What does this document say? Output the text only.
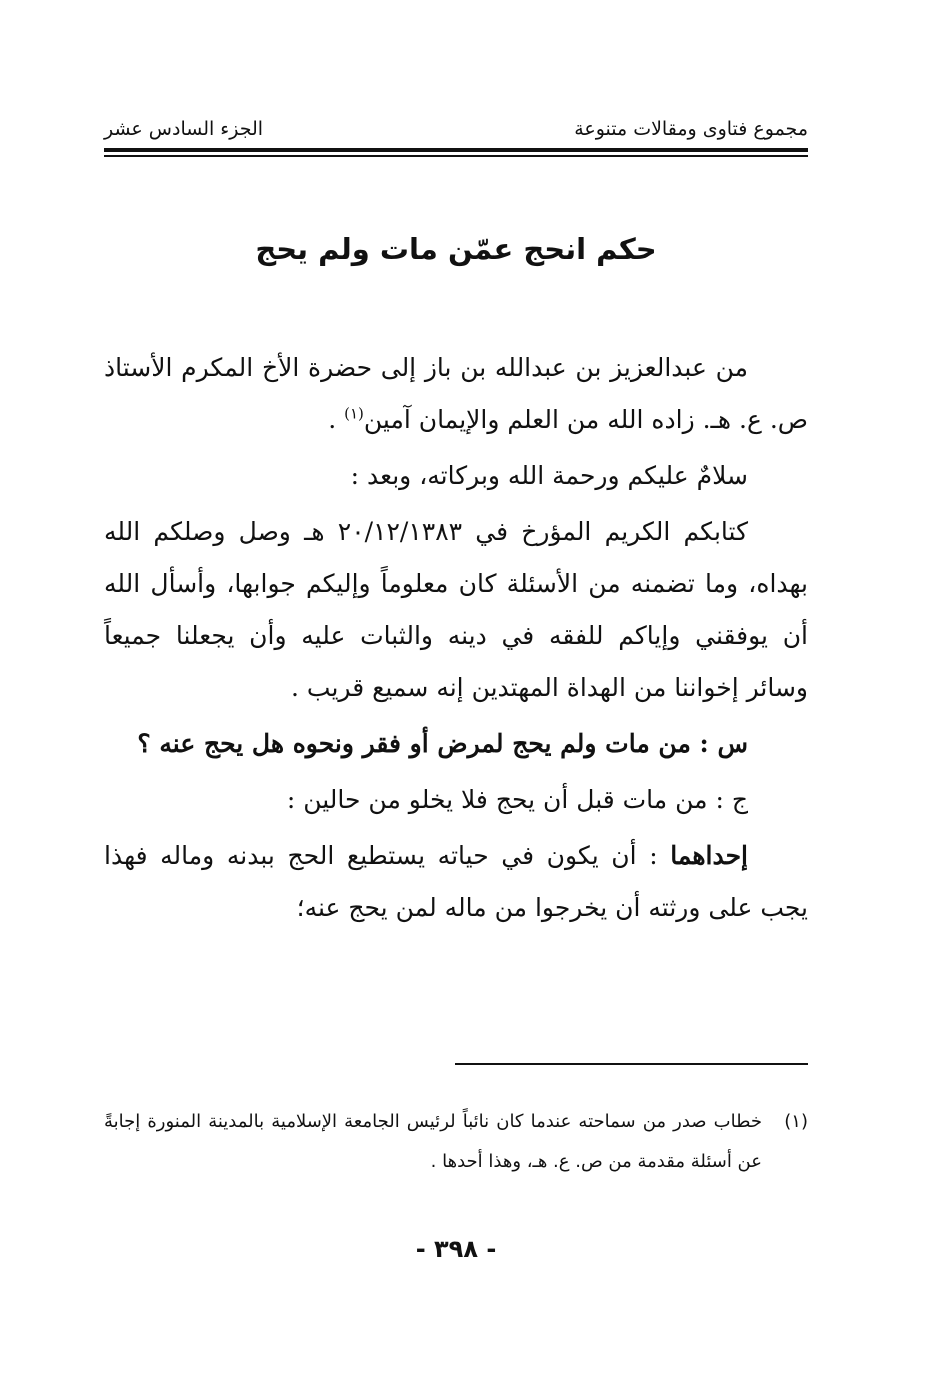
مجموع فتاوى ومقالات متنوعة
الجزء السادس عشر
حكم انحج عمّن مات ولم يحج

من عبدالعزيز بن عبدالله بن باز إلى حضرة الأخ المكرم الأستاذ ص. ع. هـ. زاده الله من العلم والإيمان آمين$^{(١)}$ .

سلامٌ عليكم ورحمة الله وبركاته، وبعد :

كتابكم الكريم المؤرخ في ٢٠/١٢/١٣٨٣ هـ وصل وصلكم الله بهداه، وما تضمنه من الأسئلة كان معلوماً وإليكم جوابها، وأسأل الله أن يوفقني وإياكم للفقه في دينه والثبات عليه وأن يجعلنا جميعاً وسائر إخواننا من الهداة المهتدين إنه سميع قريب .

س : من مات ولم يحج لمرض أو فقر ونحوه هل يحج عنه ؟

ج : من مات قبل أن يحج فلا يخلو من حالين :

إحداهما : أن يكون في حياته يستطيع الحج ببدنه وماله فهذا يجب على ورثته أن يخرجوا من ماله لمن يحج عنه؛

(١)
خطاب صدر من سماحته عندما كان نائباً لرئيس الجامعة الإسلامية بالمدينة المنورة إجابةً عن أسئلة مقدمة من ص. ع. هـ، وهذا أحدها .
- ٣٩٨ -
